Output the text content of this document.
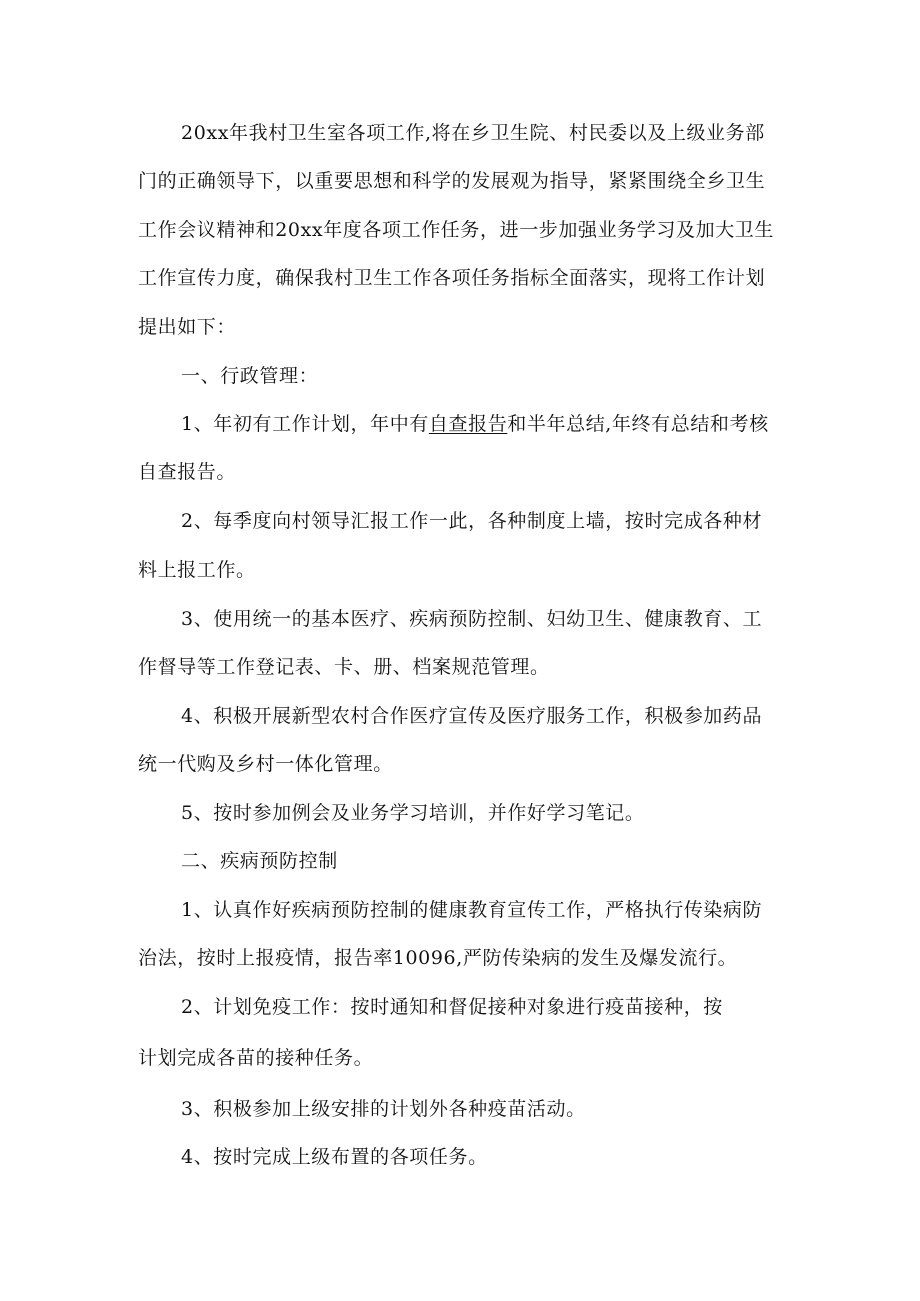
20xx年我村卫生室各项工作,将在乡卫生院、村民委以及上级业务部
门的正确领导下，以重要思想和科学的发展观为指导，紧紧围绕全乡卫生
工作会议精神和20xx年度各项工作任务，进一步加强业务学习及加大卫生
工作宣传力度，确保我村卫生工作各项任务指标全面落实，现将工作计划
提出如下：
一、行政管理：
1、年初有工作计划，年中有自查报告和半年总结,年终有总结和考核
自查报告。
2、每季度向村领导汇报工作一此，各种制度上墙，按时完成各种材
料上报工作。
3、使用统一的基本医疗、疾病预防控制、妇幼卫生、健康教育、工
作督导等工作登记表、卡、册、档案规范管理。
4、积极开展新型农村合作医疗宣传及医疗服务工作，积极参加药品
统一代购及乡村一体化管理。
5、按时参加例会及业务学习培训，并作好学习笔记。
二、疾病预防控制
1、认真作好疾病预防控制的健康教育宣传工作，严格执行传染病防
治法，按时上报疫情，报告率10096,严防传染病的发生及爆发流行。
2、计划免疫工作：按时通知和督促接种对象进行疫苗接种，按
计划完成各苗的接种任务。
3、积极参加上级安排的计划外各种疫苗活动。
4、按时完成上级布置的各项任务。
